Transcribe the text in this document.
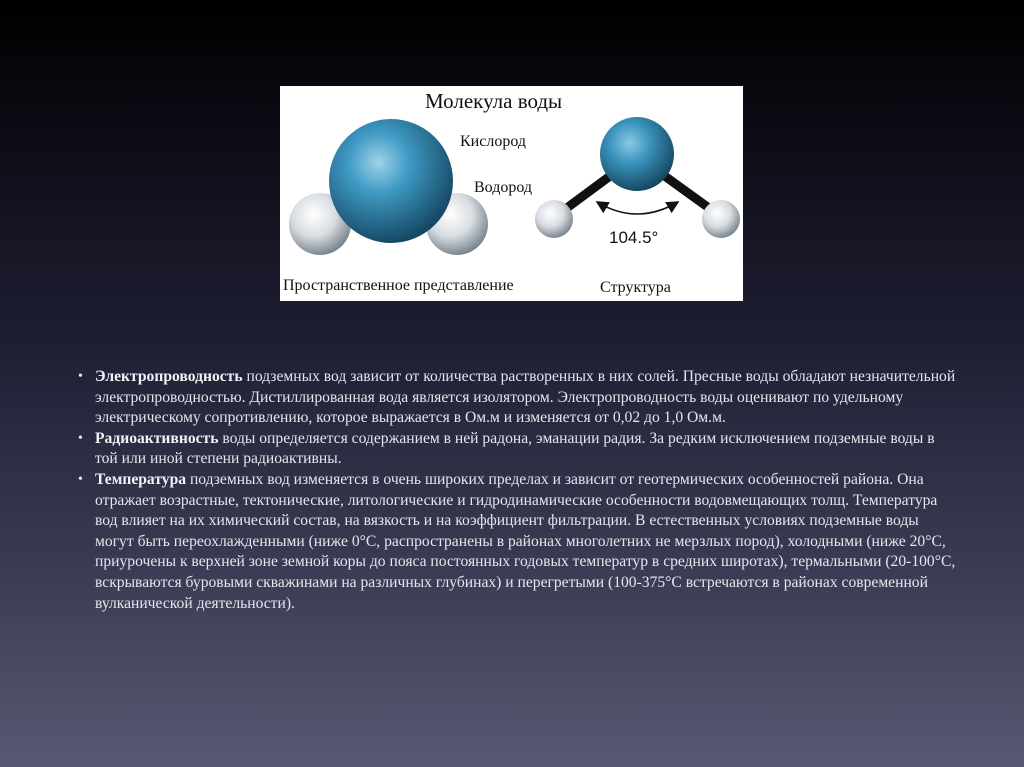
Молекула воды
Кислород
Водород
104.5°
Пространственное представление	Структура
• Электропроводность подземных вод зависит от количества растворенных в них солей. Пресные воды обладают незначительной электропроводностью. Дистиллированная вода является изолятором. Электропроводность воды оценивают по удельному электрическому сопротивлению, которое выражается в Ом.м и изменяется от 0,02 до 1,0 Ом.м.
• Радиоактивность воды определяется содержанием в ней радона, эманации радия. За редким исключением подземные воды в той или иной степени радиоактивны.
• Температура подземных вод изменяется в очень широких пределах и зависит от геотермических особенностей района. Она отражает возрастные, тектонические, литологические и гидродинамические особенности водовмещающих толщ. Температура вод влияет на их химический состав, на вязкость и на коэффициент фильтрации. В естественных условиях подземные воды могут быть переохлажденными (ниже 0°С, распространены в районах многолетних не мерзлых пород), холодными (ниже 20°С, приурочены к верхней зоне земной коры до пояса постоянных годовых температур в средних широтах), термальными (20-100°С, вскрываются буровыми скважинами на различных глубинах) и перегретыми (100-375°С встречаются в районах современной вулканической деятельности).
